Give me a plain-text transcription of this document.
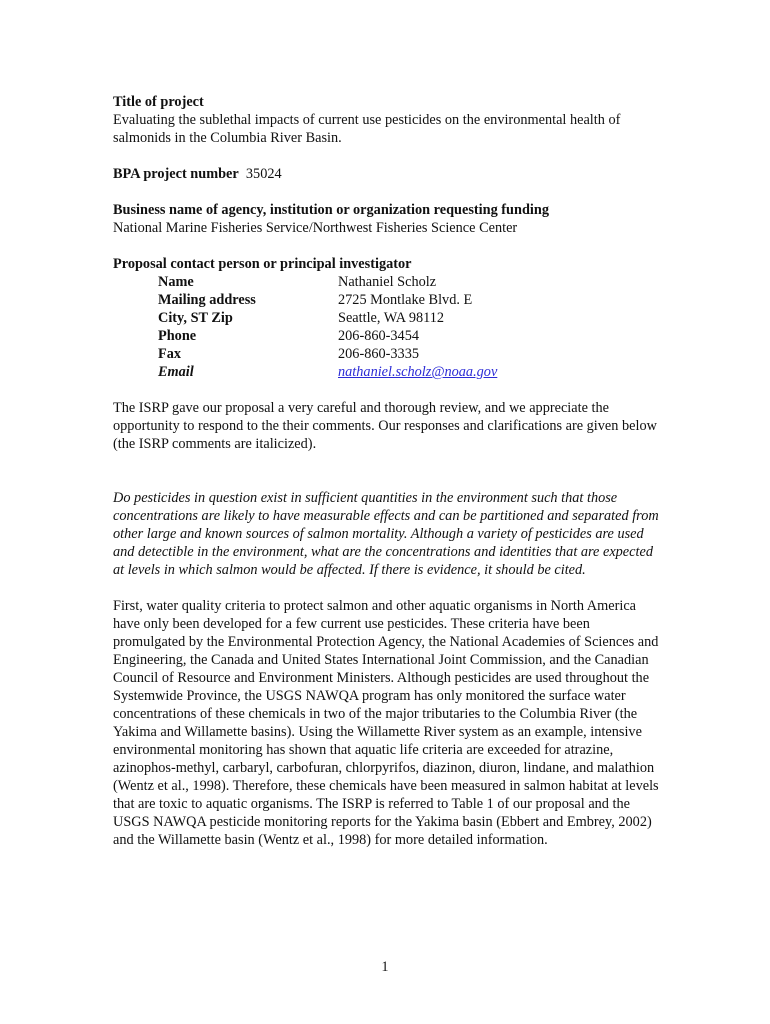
Title of project

Evaluating the sublethal impacts of current use pesticides on the environmental health of salmonids in the Columbia River Basin.

BPA project number 35024

Business name of agency, institution or organization requesting funding

National Marine Fisheries Service/Northwest Fisheries Science Center

Proposal contact person or principal investigator

Name	Nathaniel Scholz
Mailing address	2725 Montlake Blvd. E
City, ST Zip	Seattle, WA 98112
Phone	206-860-3454
Fax	206-860-3335
Email	nathaniel.scholz@noaa.gov

The ISRP gave our proposal a very careful and thorough review, and we appreciate the opportunity to respond to the their comments. Our responses and clarifications are given below (the ISRP comments are italicized).

Do pesticides in question exist in sufficient quantities in the environment such that those concentrations are likely to have measurable effects and can be partitioned and separated from other large and known sources of salmon mortality. Although a variety of pesticides are used and detectible in the environment, what are the concentrations and identities that are expected at levels in which salmon would be affected. If there is evidence, it should be cited.

First, water quality criteria to protect salmon and other aquatic organisms in North America have only been developed for a few current use pesticides. These criteria have been promulgated by the Environmental Protection Agency, the National Academies of Sciences and Engineering, the Canada and United States International Joint Commission, and the Canadian Council of Resource and Environment Ministers. Although pesticides are used throughout the Systemwide Province, the USGS NAWQA program has only monitored the surface water concentrations of these chemicals in two of the major tributaries to the Columbia River (the Yakima and Willamette basins). Using the Willamette River system as an example, intensive environmental monitoring has shown that aquatic life criteria are exceeded for atrazine, azinophos-methyl, carbaryl, carbofuran, chlorpyrifos, diazinon, diuron, lindane, and malathion (Wentz et al., 1998). Therefore, these chemicals have been measured in salmon habitat at levels that are toxic to aquatic organisms. The ISRP is referred to Table 1 of our proposal and the USGS NAWQA pesticide monitoring reports for the Yakima basin (Ebbert and Embrey, 2002) and the Willamette basin (Wentz et al., 1998) for more detailed information.

1
